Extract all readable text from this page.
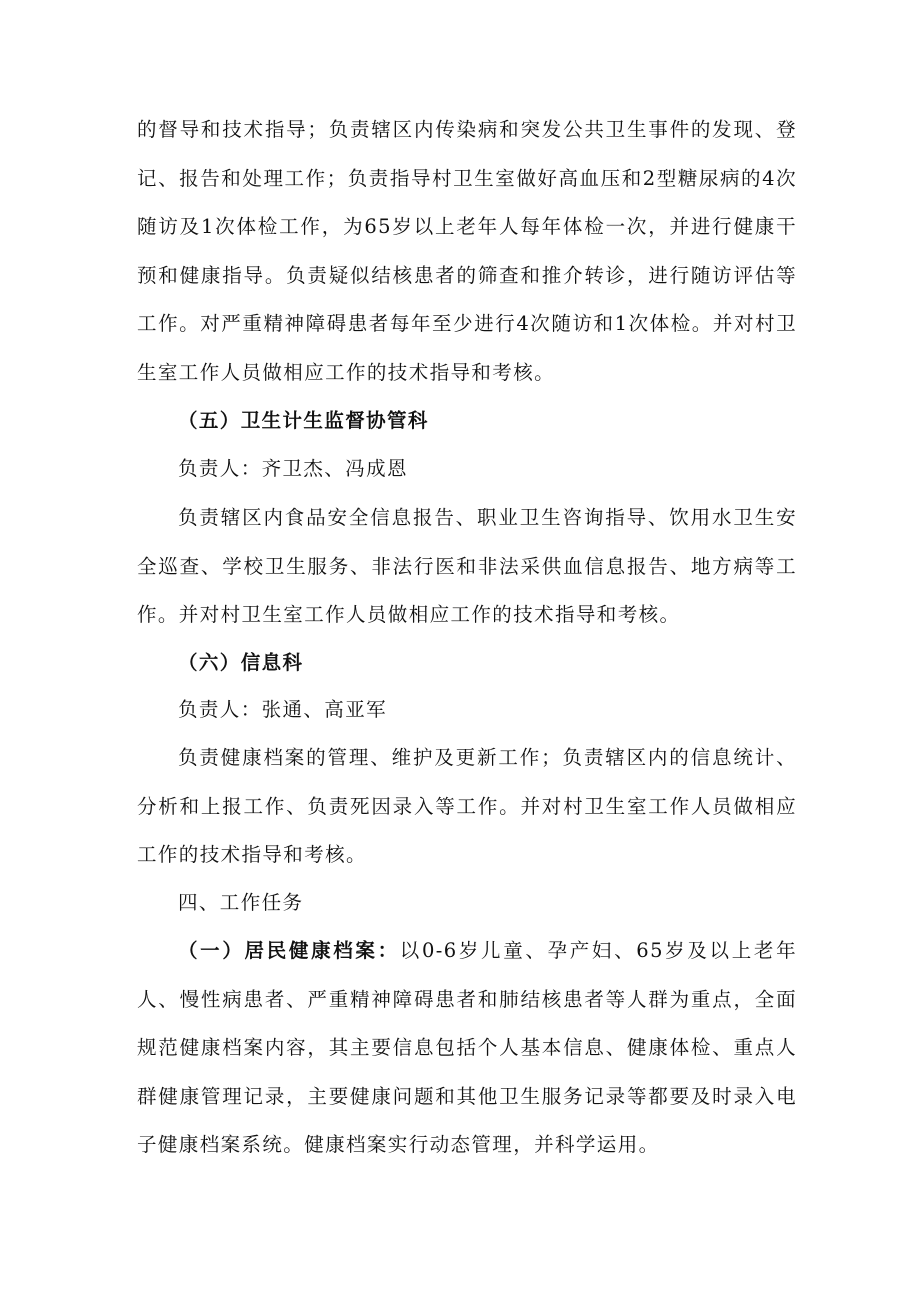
的督导和技术指导；负责辖区内传染病和突发公共卫生事件的发现、登记、报告和处理工作；负责指导村卫生室做好高血压和2型糖尿病的4次随访及1次体检工作，为65岁以上老年人每年体检一次，并进行健康干预和健康指导。负责疑似结核患者的筛查和推介转诊，进行随访评估等工作。对严重精神障碍患者每年至少进行4次随访和1次体检。并对村卫生室工作人员做相应工作的技术指导和考核。

（五）卫生计生监督协管科

负责人：齐卫杰、冯成恩

负责辖区内食品安全信息报告、职业卫生咨询指导、饮用水卫生安全巡查、学校卫生服务、非法行医和非法采供血信息报告、地方病等工作。并对村卫生室工作人员做相应工作的技术指导和考核。

（六）信息科

负责人：张通、高亚军

负责健康档案的管理、维护及更新工作；负责辖区内的信息统计、分析和上报工作、负责死因录入等工作。并对村卫生室工作人员做相应工作的技术指导和考核。

四、工作任务

（一）居民健康档案：以0-6岁儿童、孕产妇、65岁及以上老年人、慢性病患者、严重精神障碍患者和肺结核患者等人群为重点，全面规范健康档案内容，其主要信息包括个人基本信息、健康体检、重点人群健康管理记录，主要健康问题和其他卫生服务记录等都要及时录入电子健康档案系统。健康档案实行动态管理，并科学运用。
